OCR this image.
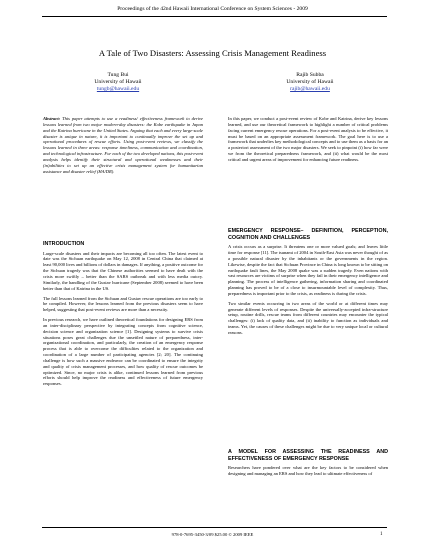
Proceedings of the 42nd Hawaii International Conference on System Sciences - 2009
A Tale of Two Disasters: Assessing Crisis Management Readiness
Tung Bui
University of Hawaii
tungb@hawaii.edu
Rajib Subba
University of Hawaii
rajib@hawaii.edu

Abstract: This paper attempts to use a readiness/ effectiveness framework to derive lessons learned from two major modern-day disasters: the Kobe earthquake in Japan and the Katrina hurricane in the United States. Arguing that each and every large-scale disaster is unique in nature, it is important to continually improve the set up and operational procedures of rescue efforts. Using post-event reviews, we classify the lessons learned in three areas: response timeliness, communication and coordination, and technological infrastructure. For each of the two developed nations, this post-event analysis helps identify their structural and operational weaknesses and their (in)abilities to set up an effective crisis management system for humanitarian assistance and disaster relief (HA/DR).

INTRODUCTION

Large-scale disasters and their impacts are becoming all too often. The latest event to date was the Sichuan earthquake on May 12, 2008 in Central China that claimed at least 90,000 lives and billions of dollars in damages. If anything, a positive outcome for the Sichuan tragedy was that the Chinese authorities seemed to have dealt with the crisis more swiftly – better than the SARS outbreak and with less media outcry. Similarly, the handling of the Gustav hurricane (September 2008) seemed to have been better than that of Katrina in the US.

The full lessons learned from the Sichuan and Gustav rescue operations are too early to be compiled. However, the lessons learned from the previous disasters seem to have helped, suggesting that post-event reviews are more than a necessity.

In previous research, we have outlined theoretical foundations for designing ERS from an inter-disciplinary perspective by integrating concepts from cognitive science, decision science and organization science [1]. Designing systems to survive crisis situations poses great challenges due the unsettled nature of preparedness, inter-organizational coordination, and particularly, the creation of an emergency response process that is able to overcome the difficulties related to the organization and coordination of a large number of participating agencies [2; 20]. The continuing challenge is how such a massive endeavor can be coordinated to ensure the integrity and quality of crisis management processes, and how quality of rescue outcomes be optimized. Since, no major crisis is alike, continued lessons learned from previous efforts should help improve the readiness and effectiveness of future emergency responses.

In this paper, we conduct a post-event review of Kobe and Katrina, derive key lessons learned, and use our theoretical framework to highlight a number of critical problems facing current emergency rescue operations. For a post-event analysis to be effective, it must be based on an appropriate assessment framework. The goal here is to use a framework that underlies key methodological concepts and to use them as a basis for an a posteriori assessment of the two major disasters. We seek to pinpoint (i) how far were we from the theoretical preparedness framework, and (ii) what would be the most critical and urgent areas of improvement for enhancing future readiness.

EMERGENCY RESPONSE– DEFINITION, PERCEPTION, COGNITION AND CHALLENGES

A crisis occurs as a surprise. It threatens one or more valued goals; and leaves little time for response [11]. The tsunami of 2004 in South-East Asia was never thought of as a possible natural disaster by the inhabitants or the governments in the region. Likewise, despite the fact that Sichuan Province in China is long known to be sitting on earthquake fault lines, the May 2008 quake was a sudden tragedy. Even nations with vast resources are victims of surprise when they fail in their emergency intelligence and planning. The process of intelligence gathering, information sharing and coordinated planning has proved to be of a close to insurmountable level of complexity. Thus, preparedness is important prior to the crisis, as readiness is during the crisis.

Two similar events occurring in two areas of the world or at different times may generate different levels of responses. Despite the universally-accepted infra-structure setup, routine drills, rescue teams from different countries may encounter the typical challenges: (i) lack of quality data, and (ii) inability to function as individuals and teams. Yet, the causes of these challenges might be due to very unique local or cultural reasons.

A MODEL FOR ASSESSING THE READINESS AND EFFECTIVENESS OF EMERGENCY RESPONSE

Researchers have pondered over what are the key factors to be considered when designing and managing an ERS and how they lead to ultimate effectiveness of

978-0-7695-3450-3/09 $25.00 © 2009 IEEE	1
